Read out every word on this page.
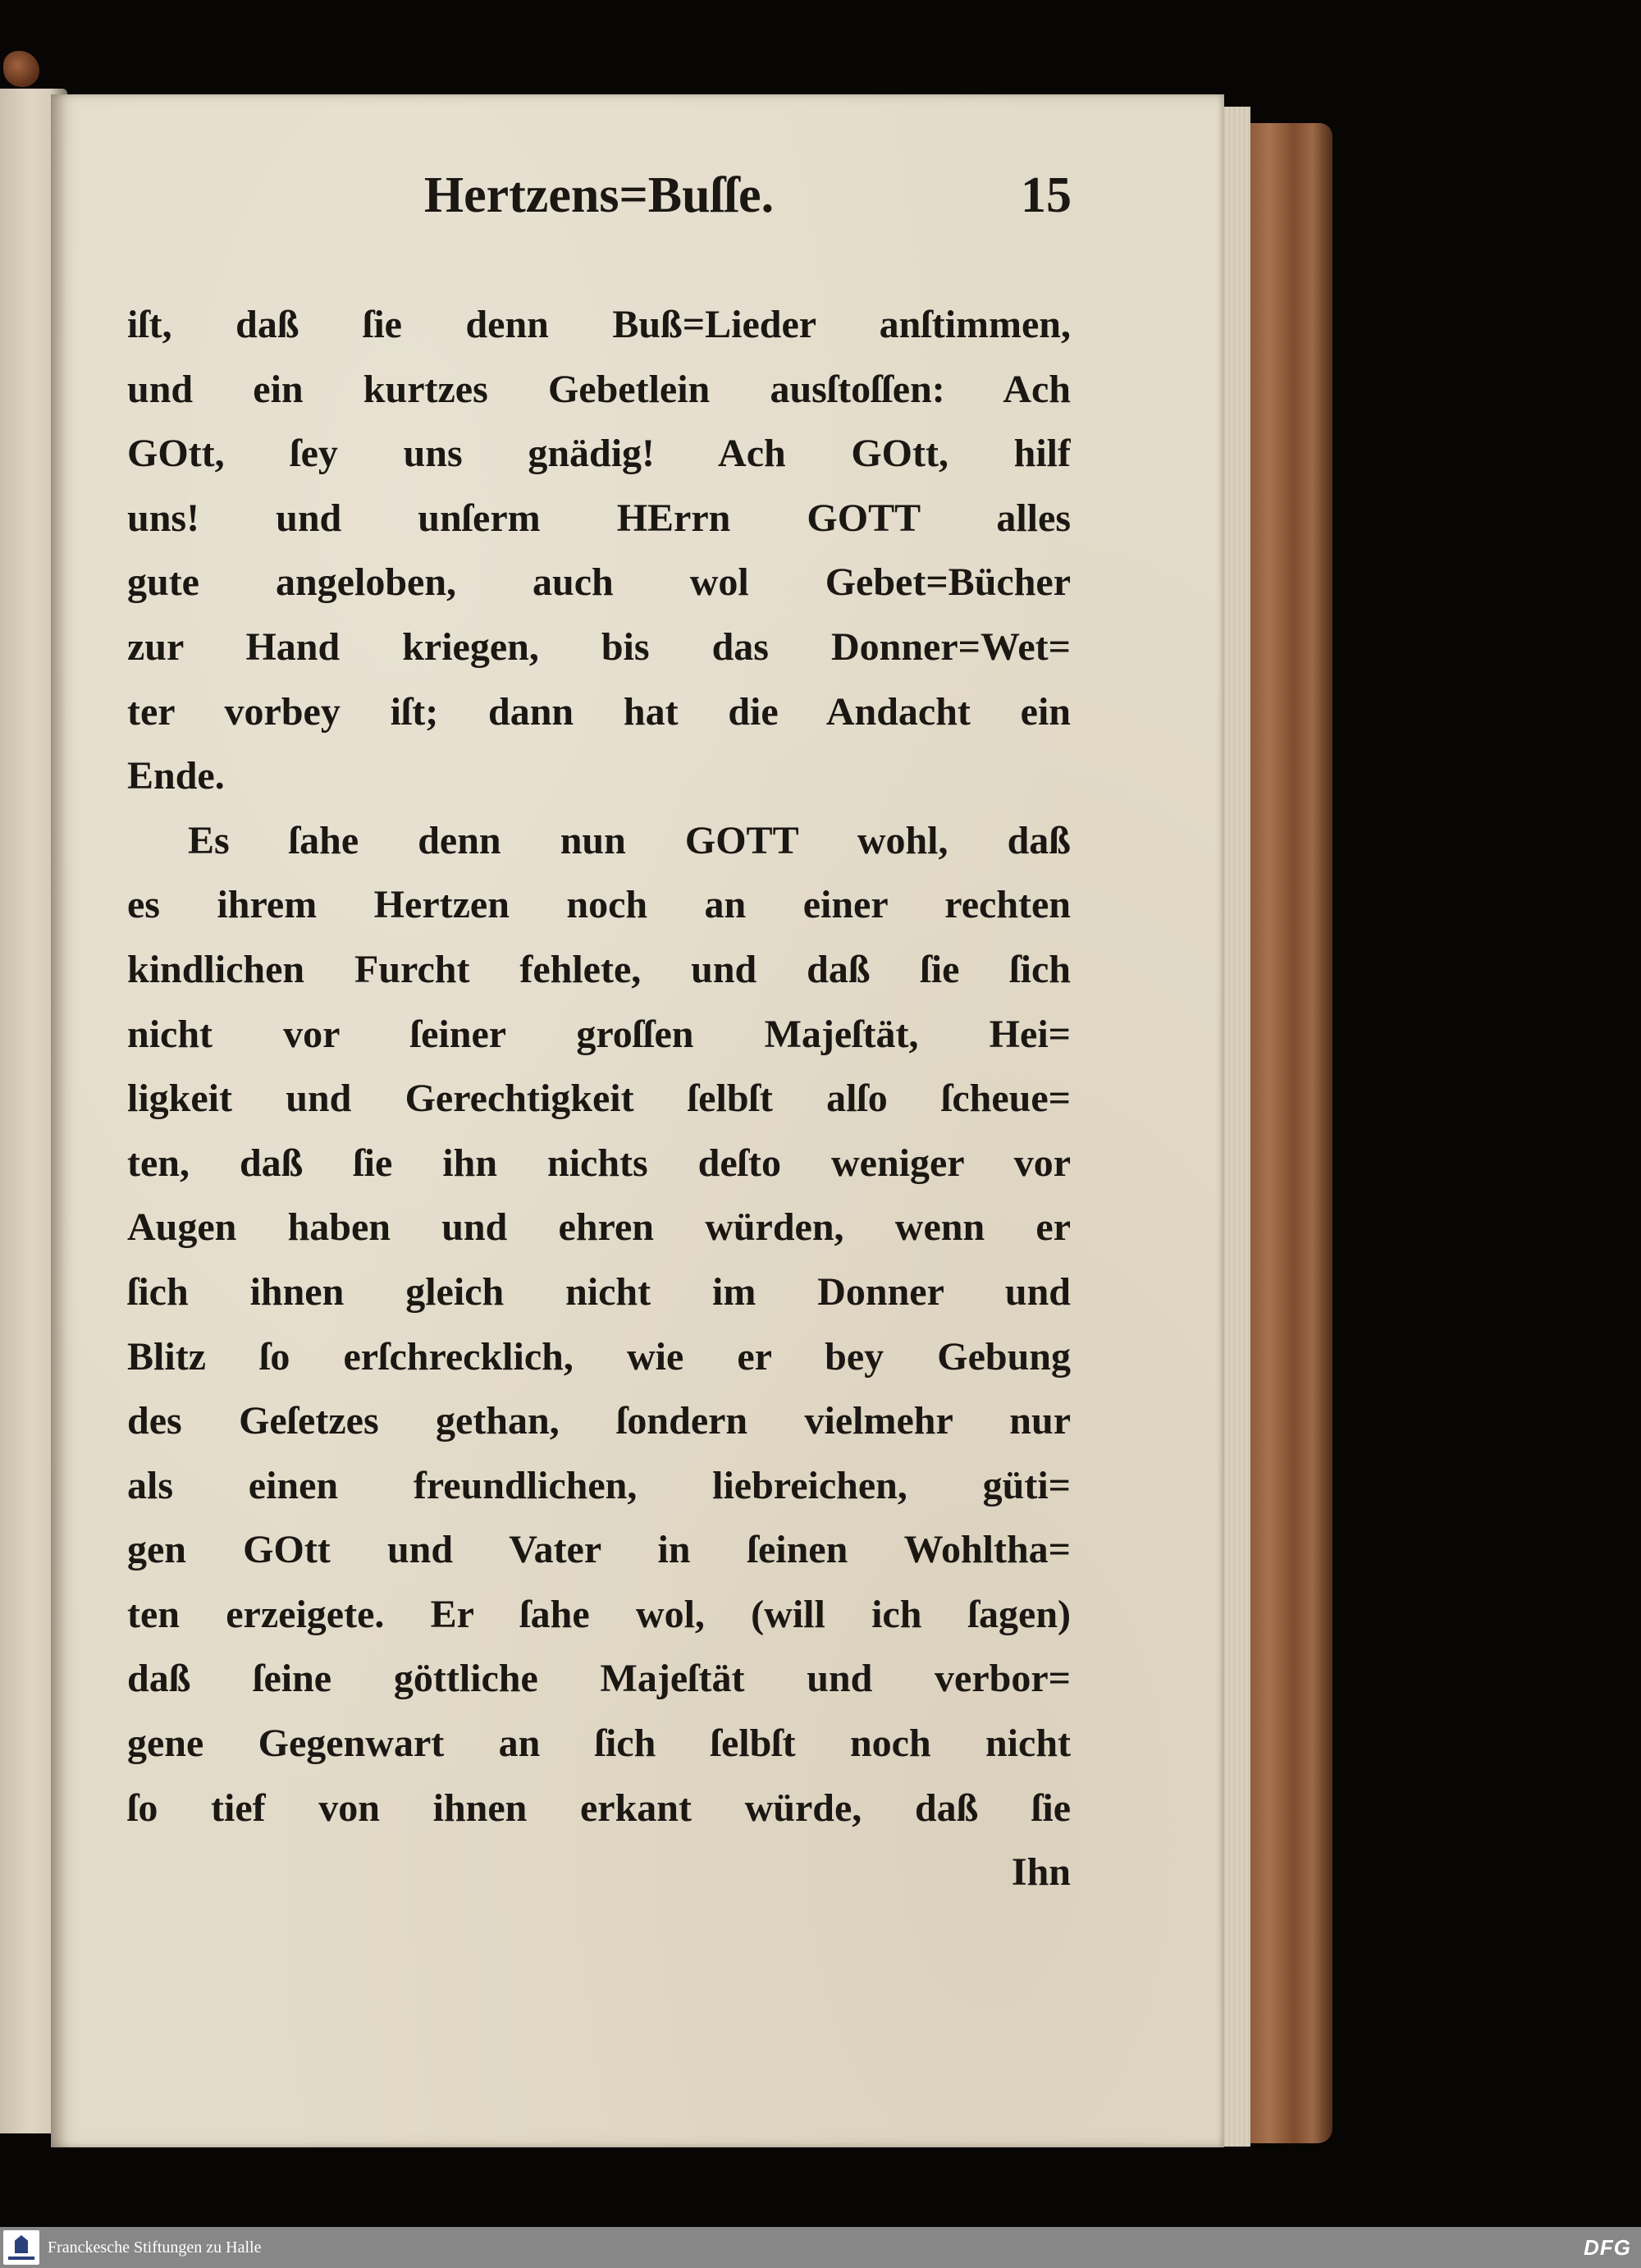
Hertzens=Buſſe.	15
iſt, daß ſie denn Buß=Lieder anſtimmen,
und ein kurtzes Gebetlein ausſtoſſen: Ach
GOtt, ſey uns gnädig! Ach GOtt, hilf
uns! und unſerm HErrn GOTT alles
gute angeloben, auch wol Gebet=Bücher
zur Hand kriegen, bis das Donner=Wet=
ter vorbey iſt; dann hat die Andacht ein
Ende.
Es ſahe denn nun GOTT wohl, daß
es ihrem Hertzen noch an einer rechten
kindlichen Furcht fehlete, und daß ſie ſich
nicht vor ſeiner groſſen Majeſtät, Hei=
ligkeit und Gerechtigkeit ſelbſt alſo ſcheue=
ten, daß ſie ihn nichts deſto weniger vor
Augen haben und ehren würden, wenn er
ſich ihnen gleich nicht im Donner und
Blitz ſo erſchrecklich, wie er bey Gebung
des Geſetzes gethan, ſondern vielmehr nur
als einen freundlichen, liebreichen, güti=
gen GOtt und Vater in ſeinen Wohltha=
ten erzeigete. Er ſahe wol, (will ich ſagen)
daß ſeine göttliche Majeſtät und verbor=
gene Gegenwart an ſich ſelbſt noch nicht
ſo tief von ihnen erkant würde, daß ſie
Ihn
Franckesche Stiftungen zu Halle	DFG
